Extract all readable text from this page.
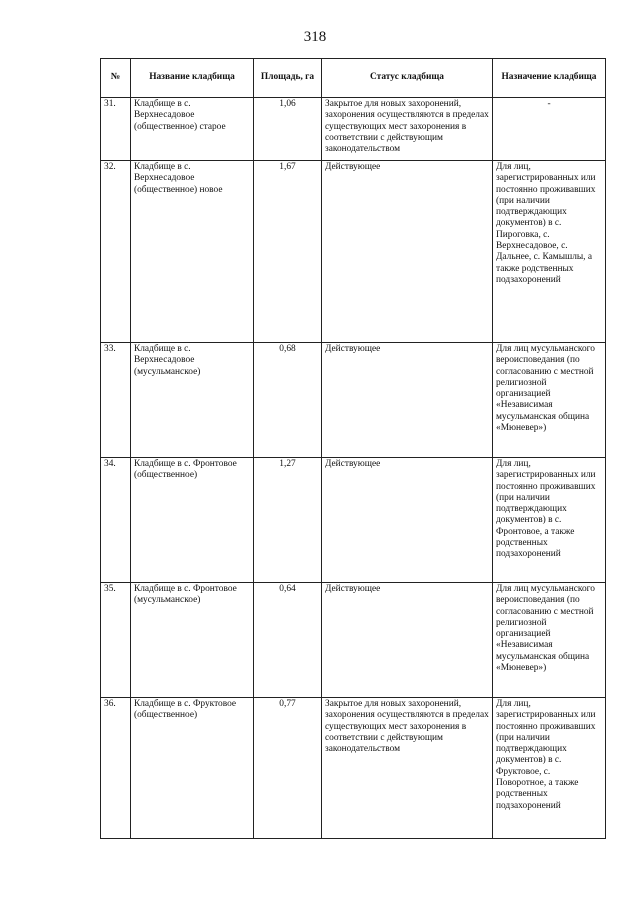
318
№	Название кладбища	Площадь, га	Статус кладбища	Назначение кладбища
31.	Кладбище в с. Верхнесадовое (общественное) старое	1,06	Закрытое для новых захоронений, захоронения осуществляются в пределах существующих мест захоронения в соответствии с действующим законодательством	-
32.	Кладбище в с. Верхнесадовое (общественное) новое	1,67	Действующее	Для лиц, зарегистрированных или постоянно проживавших (при наличии подтверждающих документов) в с. Пироговка, с. Верхнесадовое, с. Дальнее, с. Камышлы, а также родственных подзахоронений
33.	Кладбище в с. Верхнесадовое (мусульманское)	0,68	Действующее	Для лиц мусульманского вероисповедания (по согласованию с местной религиозной организацией «Независимая мусульманская община «Мюневер»)
34.	Кладбище в с. Фронтовое (общественное)	1,27	Действующее	Для лиц, зарегистрированных или постоянно проживавших (при наличии подтверждающих документов) в с. Фронтовое, а также родственных подзахоронений
35.	Кладбище в с. Фронтовое (мусульманское)	0,64	Действующее	Для лиц мусульманского вероисповедания (по согласованию с местной религиозной организацией «Независимая мусульманская община «Мюневер»)
36.	Кладбище в с. Фруктовое (общественное)	0,77	Закрытое для новых захоронений, захоронения осуществляются в пределах существующих мест захоронения в соответствии с действующим законодательством	Для лиц, зарегистрированных или постоянно проживавших (при наличии подтверждающих документов) в с. Фруктовое, с. Поворотное, а также родственных подзахоронений
